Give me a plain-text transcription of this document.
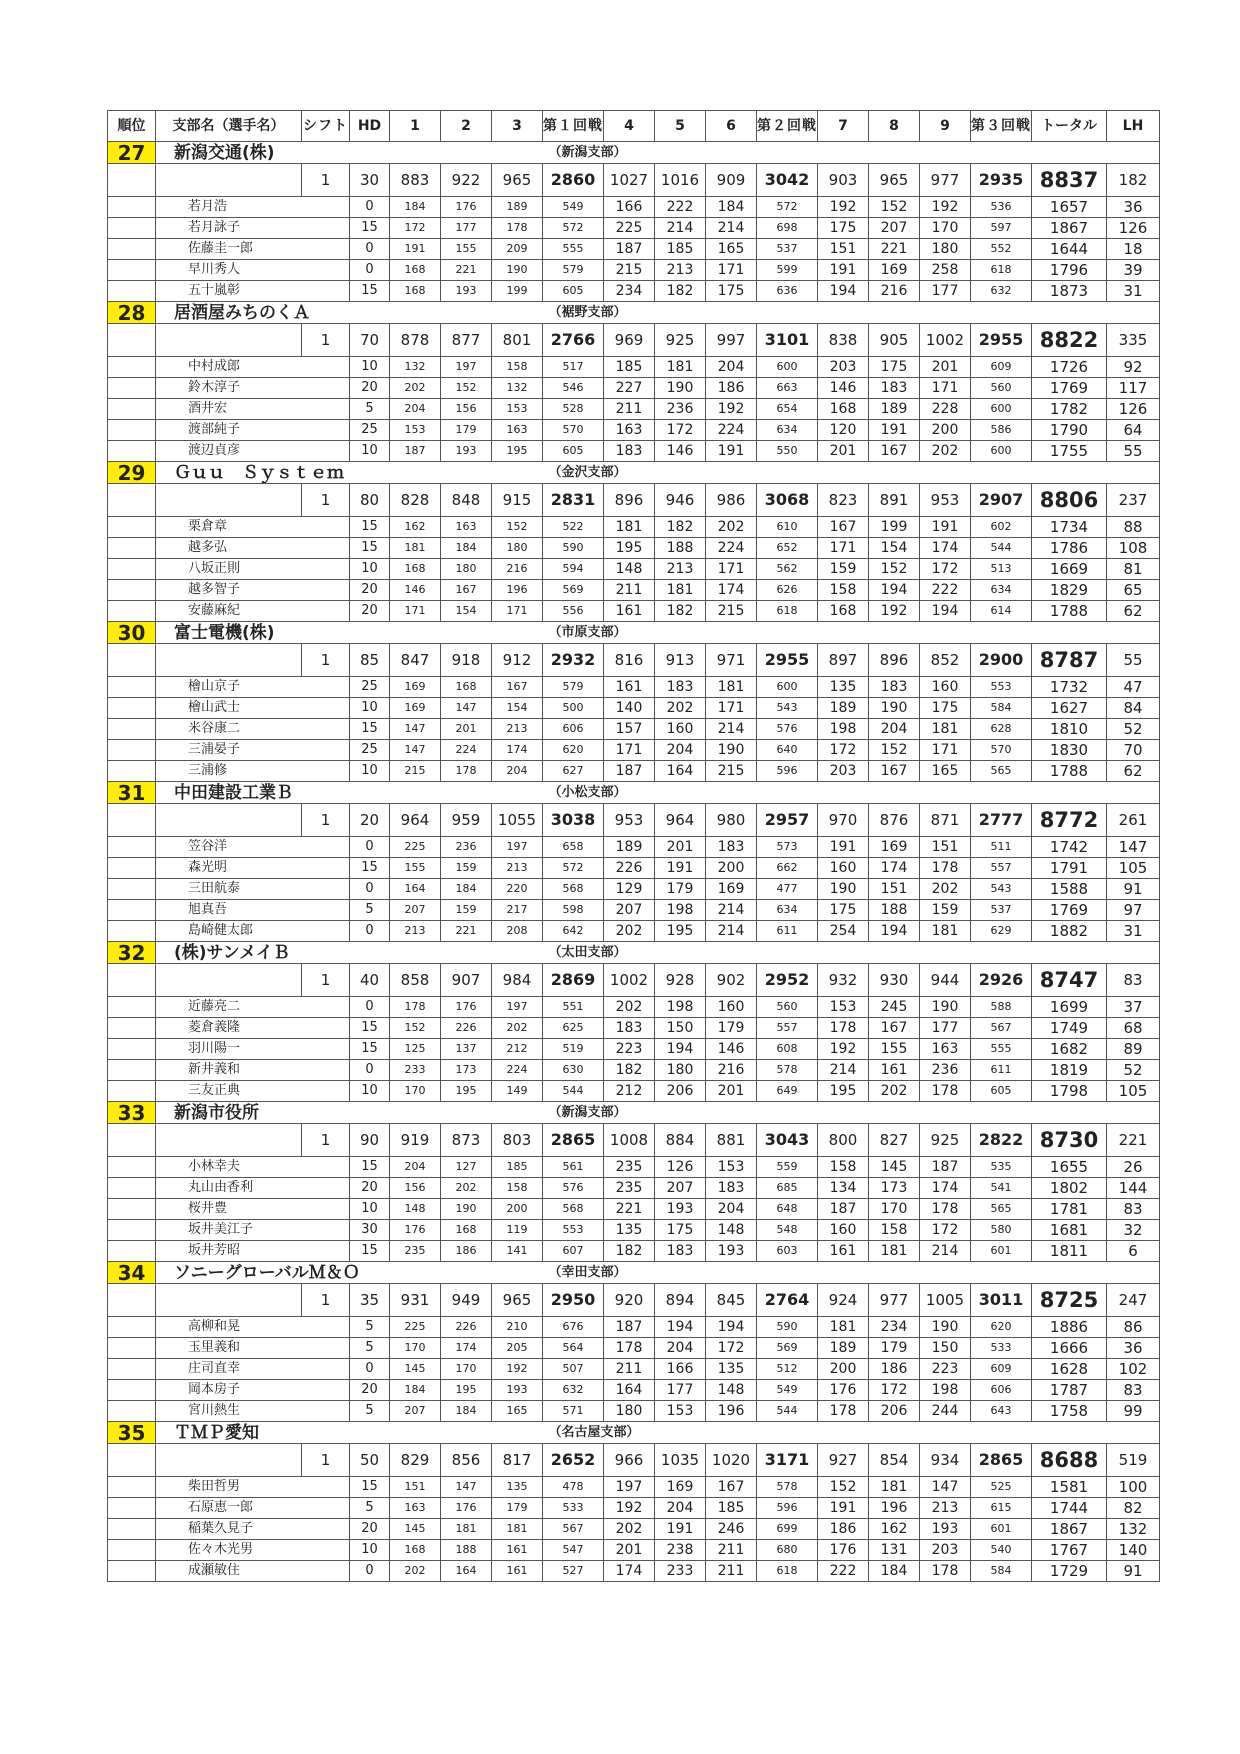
順位	支部名（選手名）	シフト	HD	1	2	3	第１回戦	4	5	6	第２回戦	7	8	9	第３回戦	トータル	LH
27	新潟交通(株)						（新潟支部）										
		1	30	883	922	965	2860	1027	1016	909	3042	903	965	977	2935	8837	182
	若月浩		0	184	176	189	549	166	222	184	572	192	152	192	536	1657	36
	若月詠子		15	172	177	178	572	225	214	214	698	175	207	170	597	1867	126
	佐藤圭一郎		0	191	155	209	555	187	185	165	537	151	221	180	552	1644	18
	早川秀人		0	168	221	190	579	215	213	171	599	191	169	258	618	1796	39
	五十嵐彰		15	168	193	199	605	234	182	175	636	194	216	177	632	1873	31
28	居酒屋みちのくＡ						（裾野支部）										
		1	70	878	877	801	2766	969	925	997	3101	838	905	1002	2955	8822	335
	中村成郎		10	132	197	158	517	185	181	204	600	203	175	201	609	1726	92
	鈴木淳子		20	202	152	132	546	227	190	186	663	146	183	171	560	1769	117
	酒井宏		5	204	156	153	528	211	236	192	654	168	189	228	600	1782	126
	渡部純子		25	153	179	163	570	163	172	224	634	120	191	200	586	1790	64
	渡辺貞彦		10	187	193	195	605	183	146	191	550	201	167	202	600	1755	55
29	Ｇｕｕ　Ｓｙｓｔｅｍ						（金沢支部）										
		1	80	828	848	915	2831	896	946	986	3068	823	891	953	2907	8806	237
	栗倉章		15	162	163	152	522	181	182	202	610	167	199	191	602	1734	88
	越多弘		15	181	184	180	590	195	188	224	652	171	154	174	544	1786	108
	八坂正則		10	168	180	216	594	148	213	171	562	159	152	172	513	1669	81
	越多智子		20	146	167	196	569	211	181	174	626	158	194	222	634	1829	65
	安藤麻紀		20	171	154	171	556	161	182	215	618	168	192	194	614	1788	62
30	富士電機(株)						（市原支部）										
		1	85	847	918	912	2932	816	913	971	2955	897	896	852	2900	8787	55
	檜山京子		25	169	168	167	579	161	183	181	600	135	183	160	553	1732	47
	檜山武士		10	169	147	154	500	140	202	171	543	189	190	175	584	1627	84
	米谷康二		15	147	201	213	606	157	160	214	576	198	204	181	628	1810	52
	三浦晏子		25	147	224	174	620	171	204	190	640	172	152	171	570	1830	70
	三浦修		10	215	178	204	627	187	164	215	596	203	167	165	565	1788	62
31	中田建設工業Ｂ						（小松支部）										
		1	20	964	959	1055	3038	953	964	980	2957	970	876	871	2777	8772	261
	笠谷洋		0	225	236	197	658	189	201	183	573	191	169	151	511	1742	147
	森光明		15	155	159	213	572	226	191	200	662	160	174	178	557	1791	105
	三田航泰		0	164	184	220	568	129	179	169	477	190	151	202	543	1588	91
	旭真吾		5	207	159	217	598	207	198	214	634	175	188	159	537	1769	97
	島崎健太郎		0	213	221	208	642	202	195	214	611	254	194	181	629	1882	31
32	(株)サンメイＢ						（太田支部）										
		1	40	858	907	984	2869	1002	928	902	2952	932	930	944	2926	8747	83
	近藤亮二		0	178	176	197	551	202	198	160	560	153	245	190	588	1699	37
	菱倉義隆		15	152	226	202	625	183	150	179	557	178	167	177	567	1749	68
	羽川陽一		15	125	137	212	519	223	194	146	608	192	155	163	555	1682	89
	新井義和		0	233	173	224	630	182	180	216	578	214	161	236	611	1819	52
	三友正典		10	170	195	149	544	212	206	201	649	195	202	178	605	1798	105
33	新潟市役所						（新潟支部）										
		1	90	919	873	803	2865	1008	884	881	3043	800	827	925	2822	8730	221
	小林幸夫		15	204	127	185	561	235	126	153	559	158	145	187	535	1655	26
	丸山由香利		20	156	202	158	576	235	207	183	685	134	173	174	541	1802	144
	桜井豊		10	148	190	200	568	221	193	204	648	187	170	178	565	1781	83
	坂井美江子		30	176	168	119	553	135	175	148	548	160	158	172	580	1681	32
	坂井芳昭		15	235	186	141	607	182	183	193	603	161	181	214	601	1811	6
34	ソニーグローバルＭ＆Ｏ						（幸田支部）										
		1	35	931	949	965	2950	920	894	845	2764	924	977	1005	3011	8725	247
	高柳和晃		5	225	226	210	676	187	194	194	590	181	234	190	620	1886	86
	玉里義和		5	170	174	205	564	178	204	172	569	189	179	150	533	1666	36
	庄司直幸		0	145	170	192	507	211	166	135	512	200	186	223	609	1628	102
	岡本房子		20	184	195	193	632	164	177	148	549	176	172	198	606	1787	83
	宮川熱生		5	207	184	165	571	180	153	196	544	178	206	244	643	1758	99
35	ＴＭＰ愛知						（名古屋支部）										
		1	50	829	856	817	2652	966	1035	1020	3171	927	854	934	2865	8688	519
	柴田哲男		15	151	147	135	478	197	169	167	578	152	181	147	525	1581	100
	石原恵一郎		5	163	176	179	533	192	204	185	596	191	196	213	615	1744	82
	稲葉久見子		20	145	181	181	567	202	191	246	699	186	162	193	601	1867	132
	佐々木光男		10	168	188	161	547	201	238	211	680	176	131	203	540	1767	140
	成瀬敏住		0	202	164	161	527	174	233	211	618	222	184	178	584	1729	91
